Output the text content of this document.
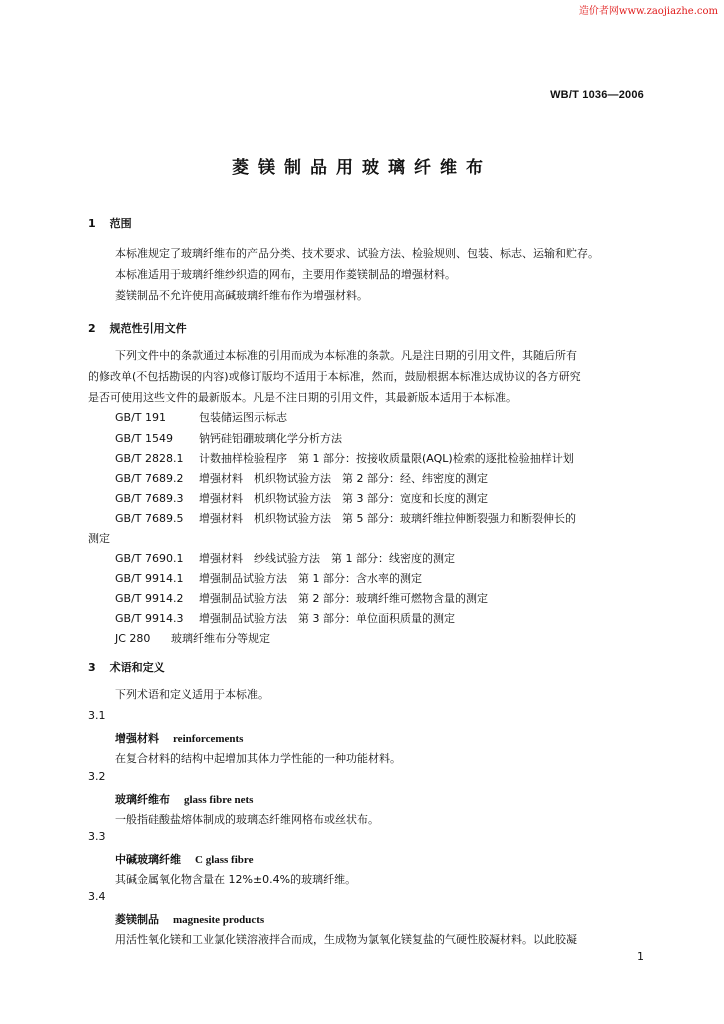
造价者网www.zaojiazhe.com
WB/T 1036—2006
菱镁制品用玻璃纤维布
1 范围
本标准规定了玻璃纤维布的产品分类、技术要求、试验方法、检验规则、包装、标志、运输和贮存。
本标准适用于玻璃纤维纱织造的网布，主要用作菱镁制品的增强材料。
菱镁制品不允许使用高碱玻璃纤维布作为增强材料。
2 规范性引用文件
下列文件中的条款通过本标准的引用而成为本标准的条款。凡是注日期的引用文件，其随后所有
的修改单(不包括勘误的内容)或修订版均不适用于本标准，然而，鼓励根据本标准达成协议的各方研究
是否可使用这些文件的最新版本。凡是不注日期的引用文件，其最新版本适用于本标准。
GB/T 191	包装储运图示标志
GB/T 1549 钠钙硅铝硼玻璃化学分析方法
GB/T 2828.1 计数抽样检验程序　第 1 部分：按接收质量限(AQL)检索的逐批检验抽样计划
GB/T 7689.2 增强材料　机织物试验方法　第 2 部分：经、纬密度的测定
GB/T 7689.3 增强材料　机织物试验方法　第 3 部分：宽度和长度的测定
GB/T 7689.5 增强材料　机织物试验方法　第 5 部分：玻璃纤维拉伸断裂强力和断裂伸长的
测定
GB/T 7690.1 增强材料　纱线试验方法　第 1 部分：线密度的测定
GB/T 9914.1 增强制品试验方法　第 1 部分：含水率的测定
GB/T 9914.2 增强制品试验方法　第 2 部分：玻璃纤维可燃物含量的测定
GB/T 9914.3 增强制品试验方法　第 3 部分：单位面积质量的测定
JC 280 玻璃纤维布分等规定
3 术语和定义
下列术语和定义适用于本标准。
3.1
增强材料 reinforcements
在复合材料的结构中起增加其体力学性能的一种功能材料。
3.2
玻璃纤维布 glass fibre nets
一般指硅酸盐熔体制成的玻璃态纤维网格布或丝状布。
3.3
中碱玻璃纤维 C glass fibre
其碱金属氧化物含量在 12%±0.4%的玻璃纤维。
3.4
菱镁制品 magnesite products
用活性氧化镁和工业氯化镁溶液拌合而成，生成物为氯氧化镁复盐的气硬性胶凝材料。以此胶凝
1
